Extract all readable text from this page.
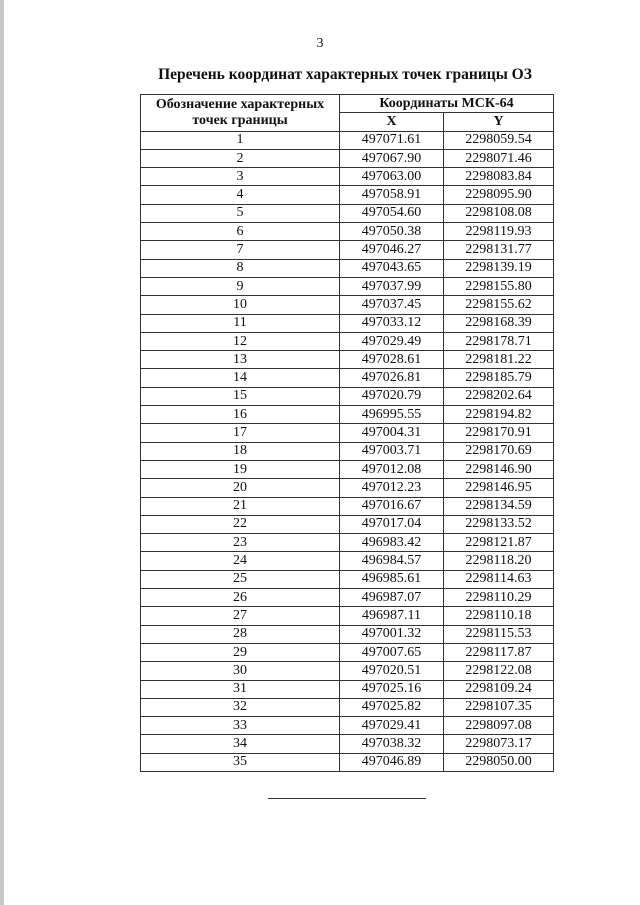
3
Перечень координат характерных точек границы ОЗ
Обозначение характерных точек границы	Координаты МСК-64	
	X	Y
1	497071.61	2298059.54
2	497067.90	2298071.46
3	497063.00	2298083.84
4	497058.91	2298095.90
5	497054.60	2298108.08
6	497050.38	2298119.93
7	497046.27	2298131.77
8	497043.65	2298139.19
9	497037.99	2298155.80
10	497037.45	2298155.62
11	497033.12	2298168.39
12	497029.49	2298178.71
13	497028.61	2298181.22
14	497026.81	2298185.79
15	497020.79	2298202.64
16	496995.55	2298194.82
17	497004.31	2298170.91
18	497003.71	2298170.69
19	497012.08	2298146.90
20	497012.23	2298146.95
21	497016.67	2298134.59
22	497017.04	2298133.52
23	496983.42	2298121.87
24	496984.57	2298118.20
25	496985.61	2298114.63
26	496987.07	2298110.29
27	496987.11	2298110.18
28	497001.32	2298115.53
29	497007.65	2298117.87
30	497020.51	2298122.08
31	497025.16	2298109.24
32	497025.82	2298107.35
33	497029.41	2298097.08
34	497038.32	2298073.17
35	497046.89	2298050.00
